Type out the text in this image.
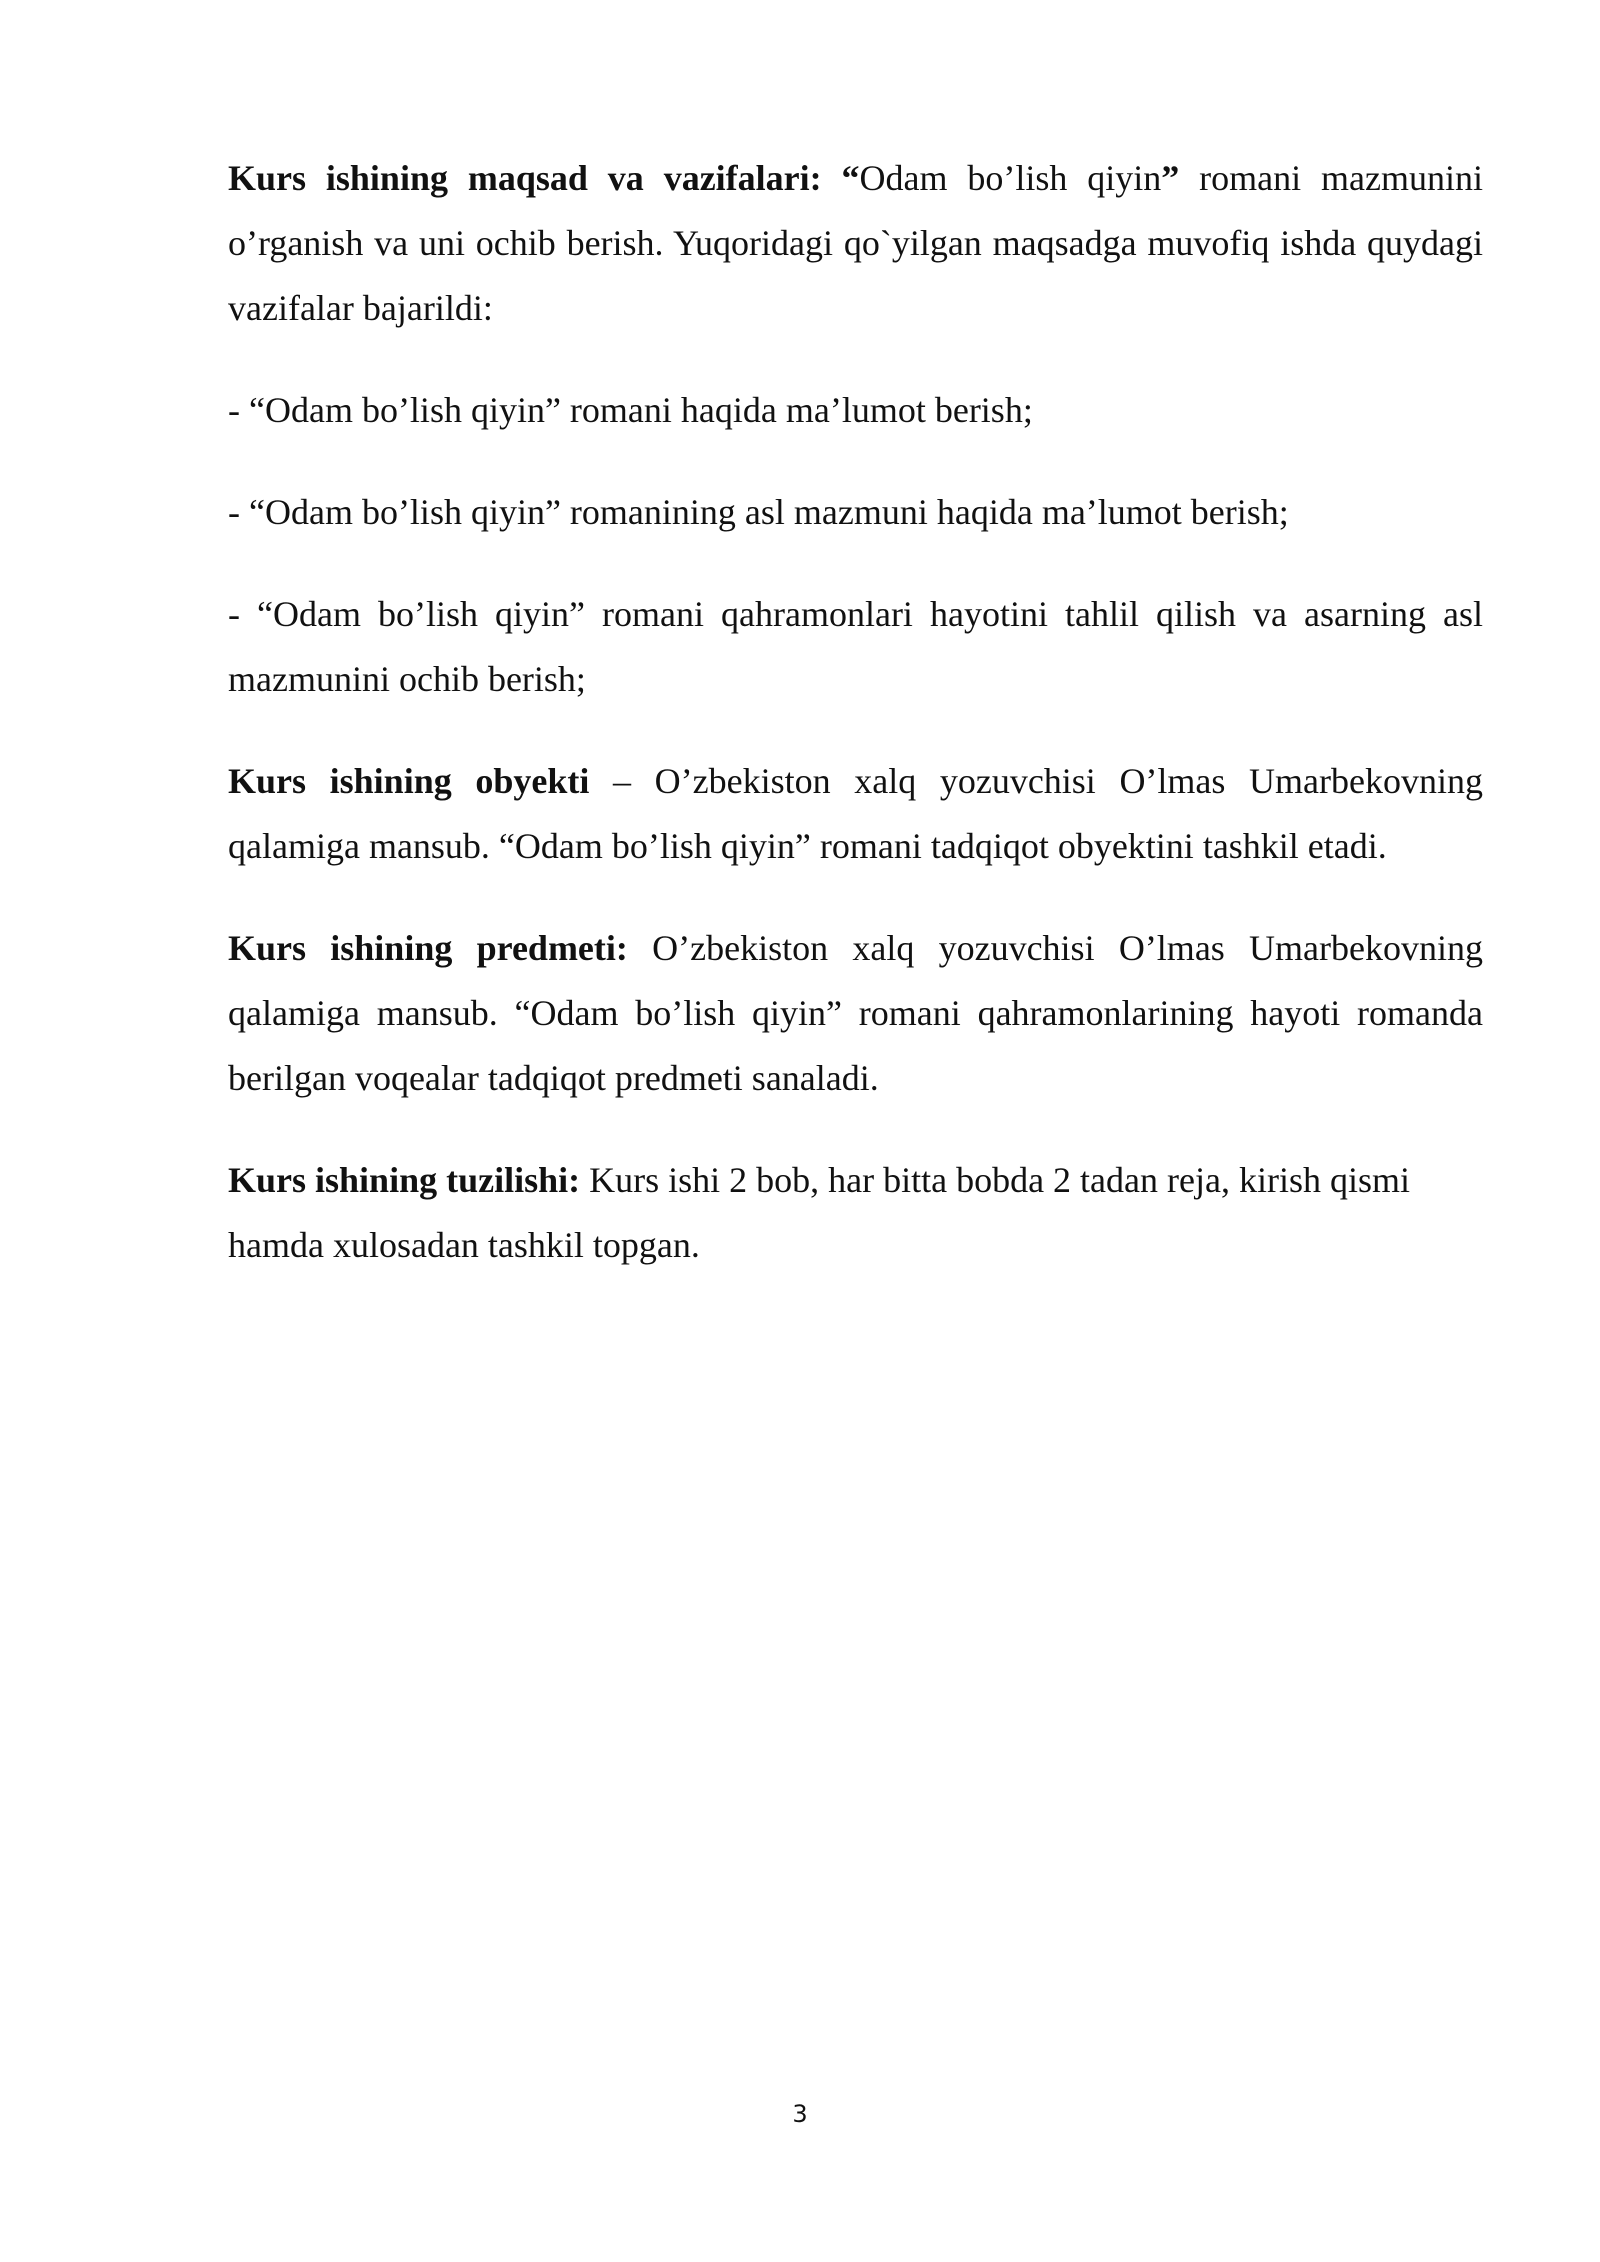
Kurs ishining maqsad va vazifalari: “Odam bo’lish qiyin” romani mazmunini o’rganish va uni ochib berish. Yuqoridagi qo`yilgan maqsadga muvofiq ishda quydagi vazifalar bajarildi:

- “Odam bo’lish qiyin” romani haqida ma’lumot berish;

- “Odam bo’lish qiyin” romanining asl mazmuni haqida ma’lumot berish;

- “Odam bo’lish qiyin” romani qahramonlari hayotini tahlil qilish va asarning asl mazmunini ochib berish;

Kurs ishining obyekti – O’zbekiston xalq yozuvchisi O’lmas Umarbekovning qalamiga mansub. “Odam bo’lish qiyin” romani tadqiqot obyektini tashkil etadi.

Kurs ishining predmeti: O’zbekiston xalq yozuvchisi O’lmas Umarbekovning qalamiga mansub. “Odam bo’lish qiyin” romani qahramonlarining hayoti romanda berilgan voqealar tadqiqot predmeti sanaladi.

Kurs ishining tuzilishi: Kurs ishi 2 bob, har bitta bobda 2 tadan reja, kirish qismi hamda xulosadan tashkil topgan.

3
